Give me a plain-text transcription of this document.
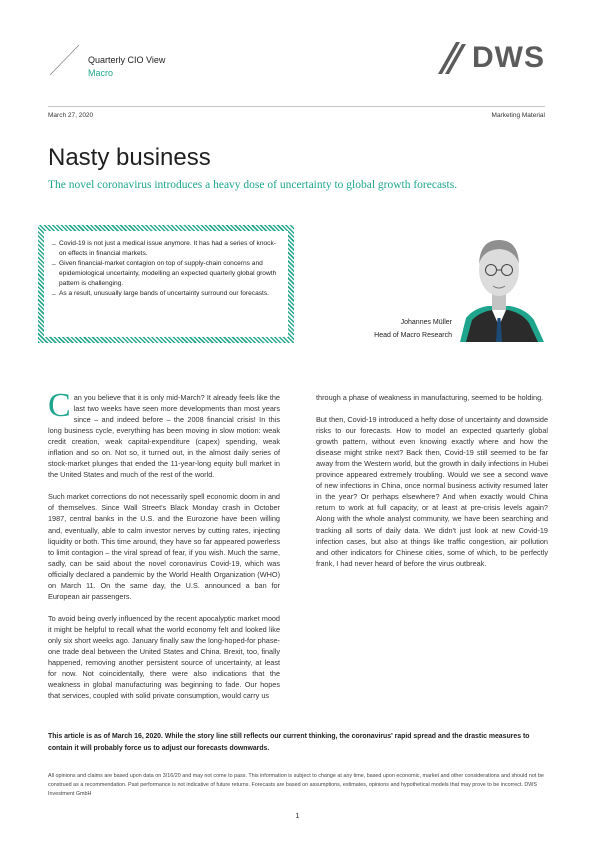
Quarterly CIO View
Macro	DWS
March 27, 2020	Marketing Material
Nasty business
The novel coronavirus introduces a heavy dose of uncertainty to global growth forecasts.
_ Covid-19 is not just a medical issue anymore. It has had a series of knock-on effects in financial markets.
_ Given financial-market contagion on top of supply-chain concerns and epidemiological uncertainty, modelling an expected quarterly global growth pattern is challenging.
_ As a result, unusually large bands of uncertainty surround our forecasts.
Johannes Müller
Head of Macro Research

Can you believe that it is only mid-March? It already feels like the last two weeks have seen more developments than most years since – and indeed before – the 2008 financial crisis! In this long business cycle, everything has been moving in slow motion: weak credit creation, weak capital-expenditure (capex) spending, weak inflation and so on. Not so, it turned out, in the almost daily series of stock-market plunges that ended the 11-year-long equity bull market in the United States and much of the rest of the world.

Such market corrections do not necessarily spell economic doom in and of themselves. Since Wall Street's Black Monday crash in October 1987, central banks in the U.S. and the Eurozone have been willing and, eventually, able to calm investor nerves by cutting rates, injecting liquidity or both. This time around, they have so far appeared powerless to limit contagion – the viral spread of fear, if you wish. Much the same, sadly, can be said about the novel coronavirus Covid-19, which was officially declared a pandemic by the World Health Organization (WHO) on March 11. On the same day, the U.S. announced a ban for European air passengers.

To avoid being overly influenced by the recent apocalyptic market mood it might be helpful to recall what the world economy felt and looked like only six short weeks ago. January finally saw the long-hoped-for phase-one trade deal between the United States and China. Brexit, too, finally happened, removing another persistent source of uncertainty, at least for now. Not coincidentally, there were also indications that the weakness in global manufacturing was beginning to fade. Our hopes that services, coupled with solid private consumption, would carry us

through a phase of weakness in manufacturing, seemed to be holding.

But then, Covid-19 introduced a hefty dose of uncertainty and downside risks to our forecasts. How to model an expected quarterly global growth pattern, without even knowing exactly where and how the disease might strike next? Back then, Covid-19 still seemed to be far away from the Western world, but the growth in daily infections in Hubei province appeared extremely troubling. Would we see a second wave of new infections in China, once normal business activity resumed later in the year? Or perhaps elsewhere? And when exactly would China return to work at full capacity, or at least at pre-crisis levels again? Along with the whole analyst community, we have been searching and tracking all sorts of daily data. We didn't just look at new Covid-19 infection cases, but also at things like traffic congestion, air pollution and other indicators for Chinese cities, some of which, to be perfectly frank, I had never heard of before the virus outbreak.

This article is as of March 16, 2020. While the story line still reflects our current thinking, the coronavirus' rapid spread and the drastic measures to contain it will probably force us to adjust our forecasts downwards.
All opinions and claims are based upon data on 3/16/20 and may not come to pass. This information is subject to change at any time, based upon economic, market and other considerations and should not be construed as a recommendation. Past performance is not indicative of future returns. Forecasts are based on assumptions, estimates, opinions and hypothetical models that may prove to be incorrect. DWS Investment GmbH
1
